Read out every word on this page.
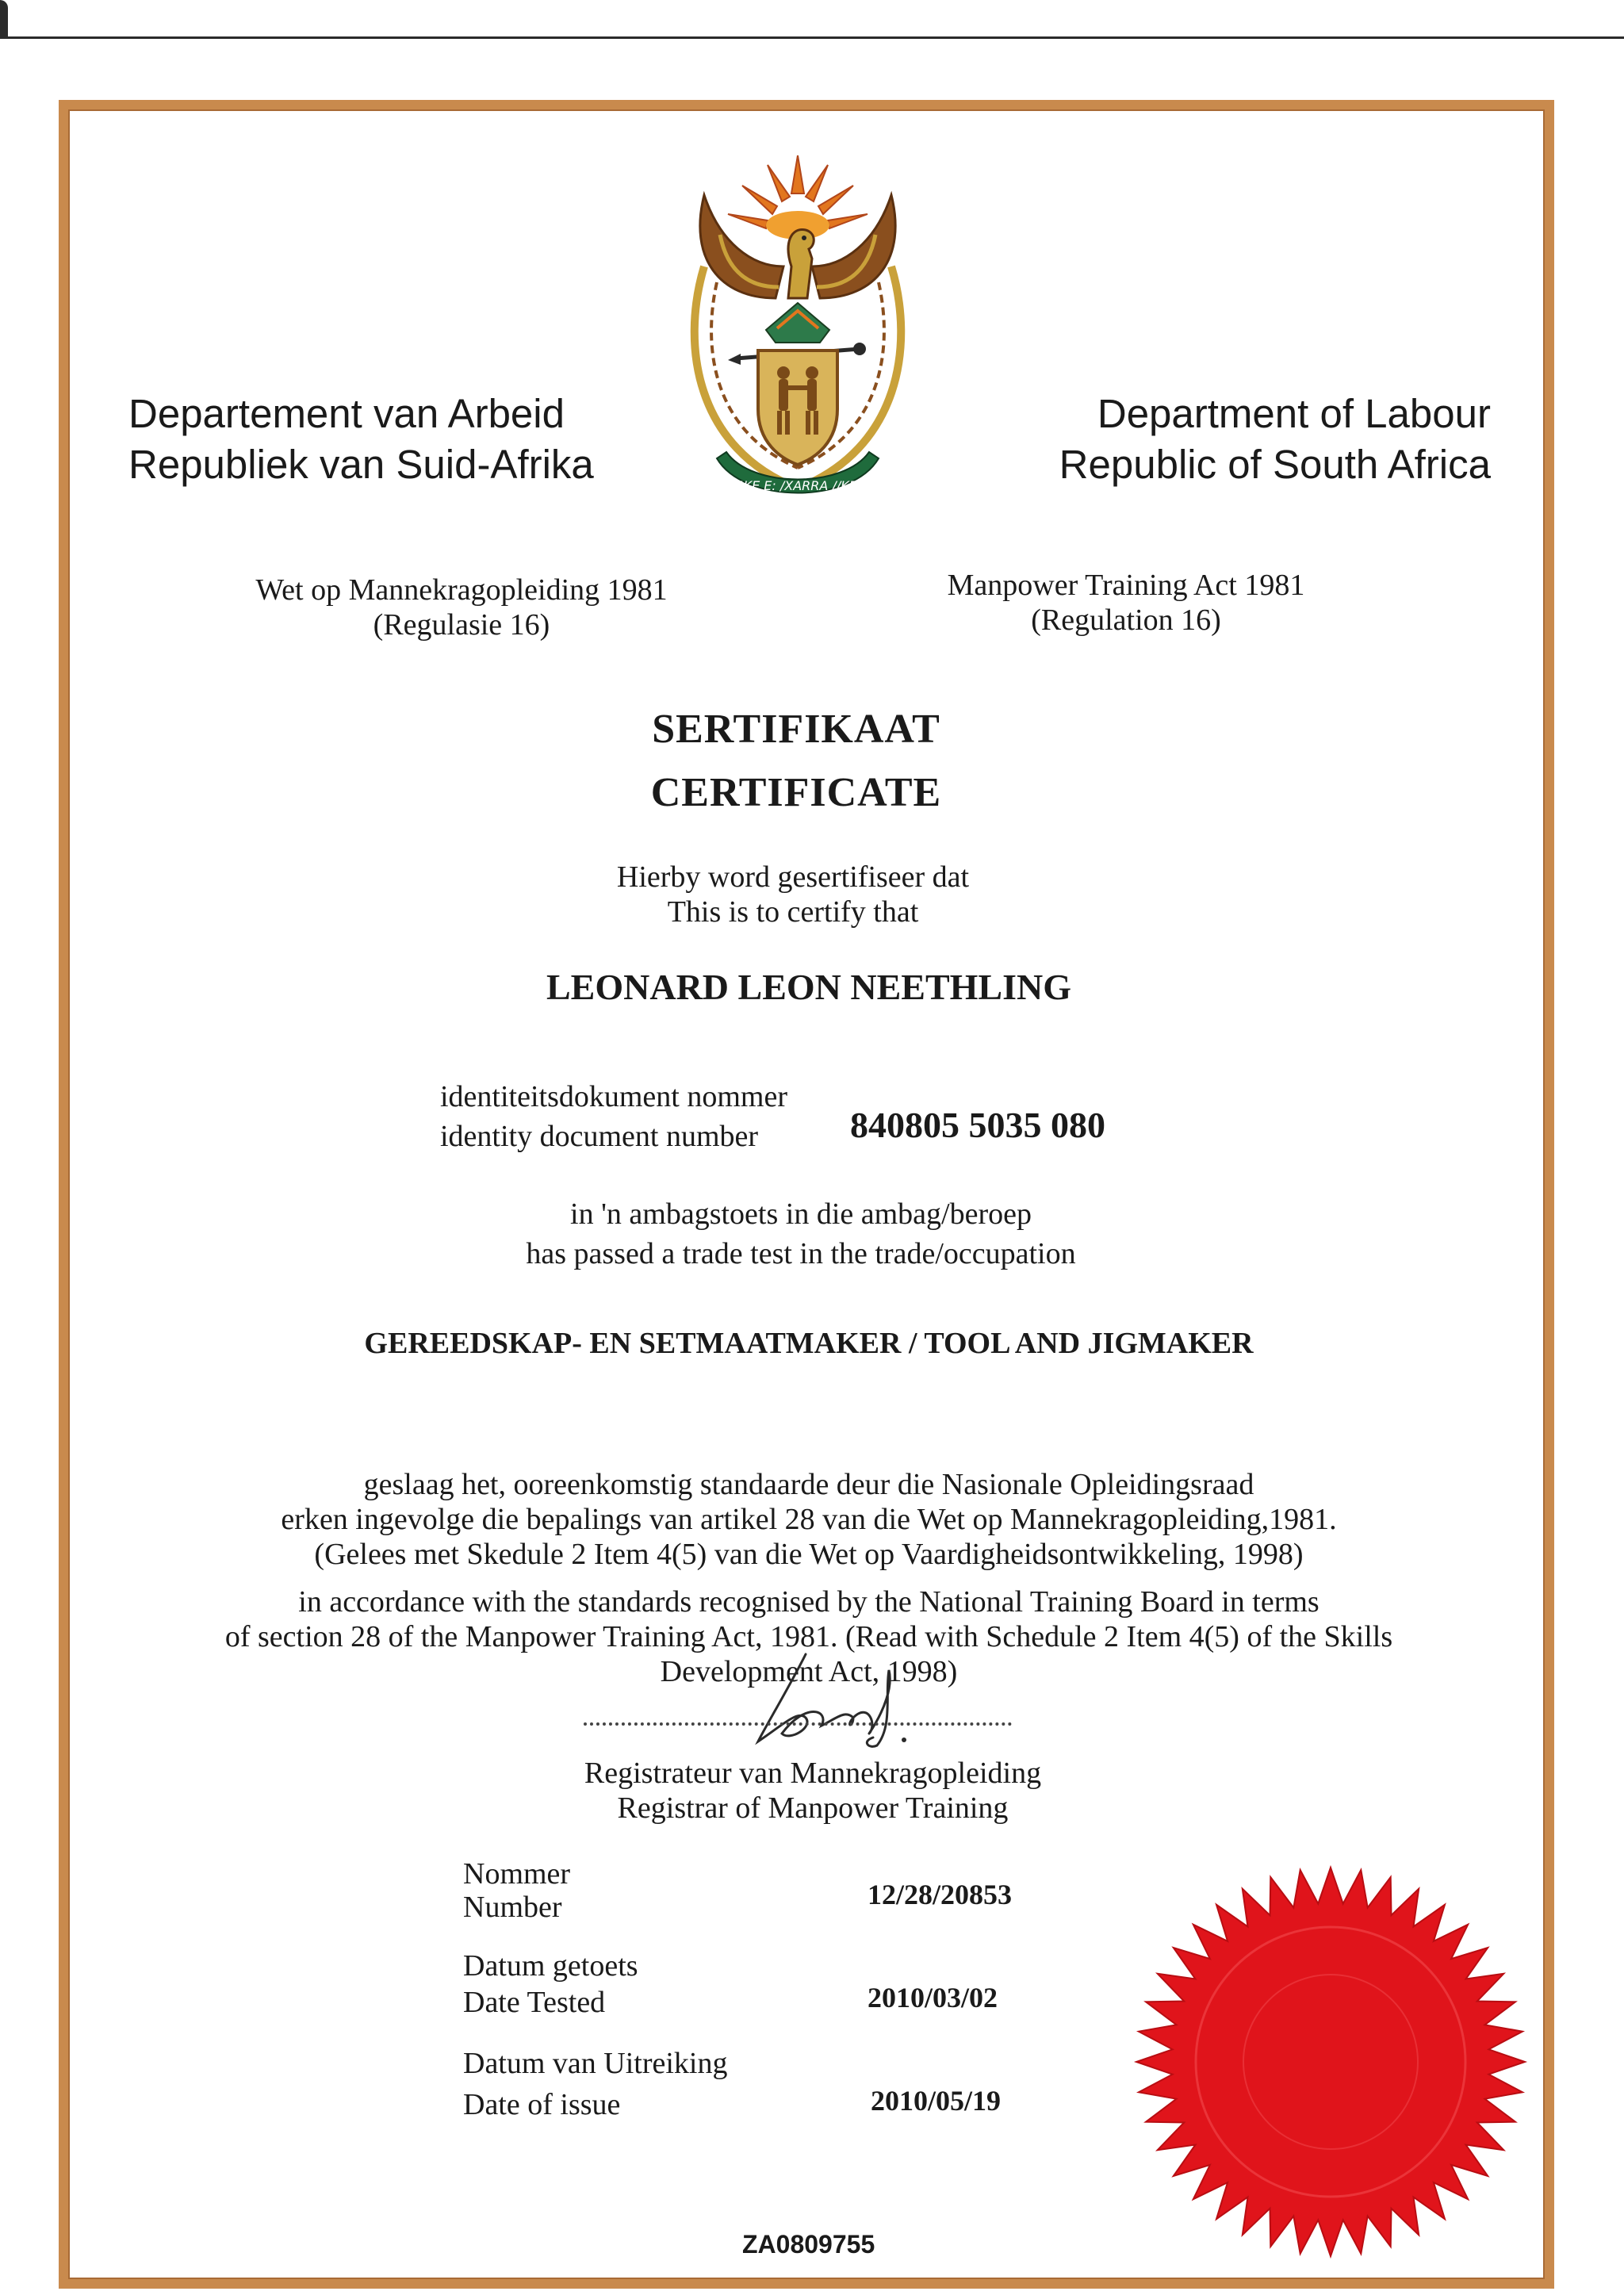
!KE E: /XARRA //KE
Departement van Arbeid
Republiek van Suid-Afrika
Department of Labour
Republic of South Africa
Wet op Mannekragopleiding 1981
(Regulasie 16)
Manpower Training Act 1981
(Regulation 16)
SERTIFIKAAT
CERTIFICATE
Hierby word gesertifiseer dat
This is to certify that
LEONARD LEON NEETHLING
identiteitsdokument nommer
identity document number	840805 5035 080
in 'n ambagstoets in die ambag/beroep
has passed a trade test in the trade/occupation
GEREEDSKAP- EN SETMAATMAKER / TOOL AND JIGMAKER
geslaag het, ooreenkomstig standaarde deur die Nasionale Opleidingsraad
erken ingevolge die bepalings van artikel 28 van die Wet op Mannekragopleiding,1981.
(Gelees met Skedule 2 Item 4(5) van die Wet op Vaardigheidsontwikkeling, 1998)
in accordance with the standards recognised by the National Training Board in terms
of section 28 of the Manpower Training Act, 1981. (Read with Schedule 2 Item 4(5) of the Skills
Development Act, 1998)
Registrateur van Mannekragopleiding
Registrar of Manpower Training
Nommer
Number	12/28/20853
Datum getoets
Date Tested	2010/03/02
Datum van Uitreiking
Date of issue	2010/05/19
ZA0809755
